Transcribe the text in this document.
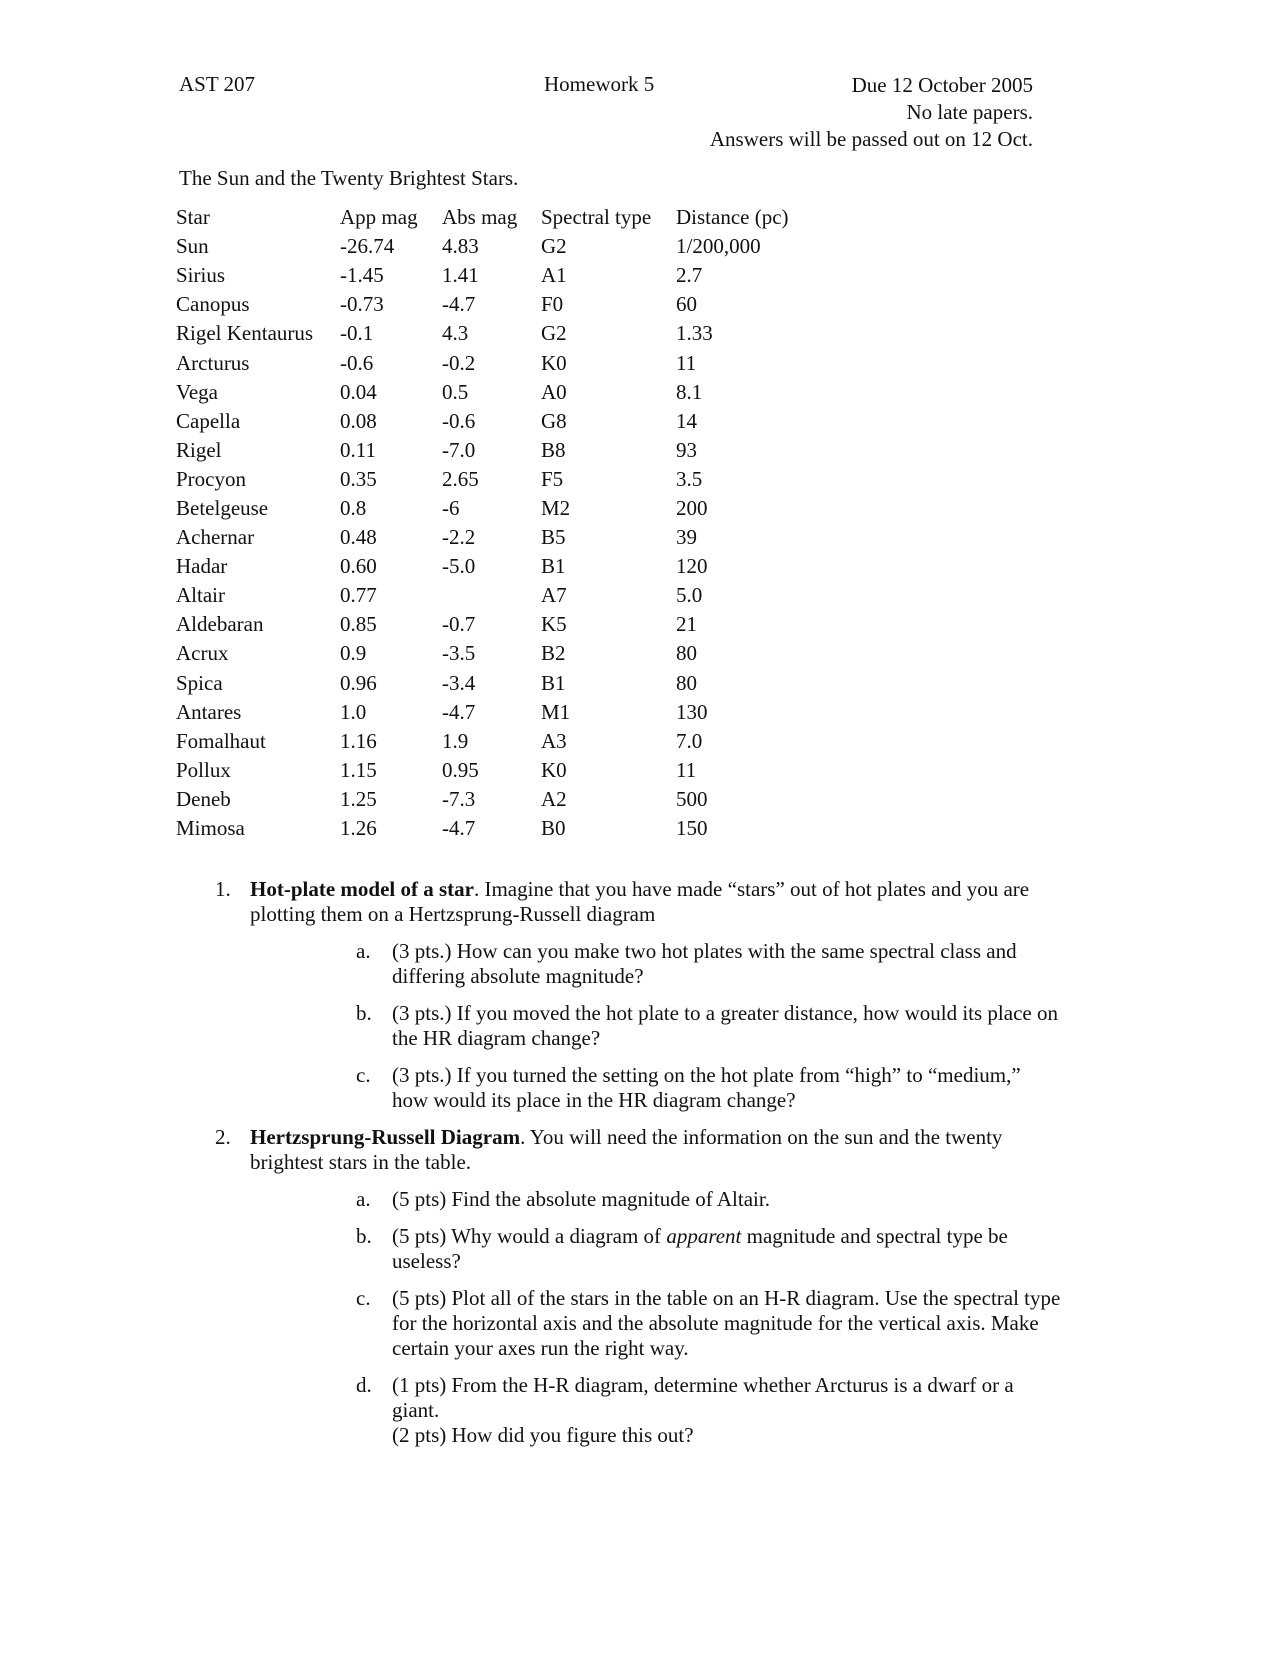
AST 207	Homework 5	Due 12 October 2005
No late papers.
Answers will be passed out on 12 Oct.
The Sun and the Twenty Brightest Stars.
Star	App mag	Abs mag	Spectral type	Distance (pc)
Sun	-26.74	4.83	G2	1/200,000
Sirius	-1.45	1.41	A1	2.7
Canopus	-0.73	-4.7	F0	60
Rigel Kentaurus	-0.1	4.3	G2	1.33
Arcturus	-0.6	-0.2	K0	11
Vega	0.04	0.5	A0	8.1
Capella	0.08	-0.6	G8	14
Rigel	0.11	-7.0	B8	93
Procyon	0.35	2.65	F5	3.5
Betelgeuse	0.8	-6	M2	200
Achernar	0.48	-2.2	B5	39
Hadar	0.60	-5.0	B1	120
Altair	0.77		A7	5.0
Aldebaran	0.85	-0.7	K5	21
Acrux	0.9	-3.5	B2	80
Spica	0.96	-3.4	B1	80
Antares	1.0	-4.7	M1	130
Fomalhaut	1.16	1.9	A3	7.0
Pollux	1.15	0.95	K0	11
Deneb	1.25	-7.3	A2	500
Mimosa	1.26	-4.7	B0	150
1. Hot-plate model of a star. Imagine that you have made “stars” out of hot plates and you are plotting them on a Hertzsprung-Russell diagram
a. (3 pts.) How can you make two hot plates with the same spectral class and differing absolute magnitude?
b. (3 pts.) If you moved the hot plate to a greater distance, how would its place on the HR diagram change?
c. (3 pts.) If you turned the setting on the hot plate from “high” to “medium,” how would its place in the HR diagram change?
2. Hertzsprung-Russell Diagram. You will need the information on the sun and the twenty brightest stars in the table.
a. (5 pts) Find the absolute magnitude of Altair.
b. (5 pts) Why would a diagram of apparent magnitude and spectral type be useless?
c. (5 pts) Plot all of the stars in the table on an H-R diagram. Use the spectral type for the horizontal axis and the absolute magnitude for the vertical axis. Make certain your axes run the right way.
d. (1 pts) From the H-R diagram, determine whether Arcturus is a dwarf or a giant.
(2 pts) How did you figure this out?
